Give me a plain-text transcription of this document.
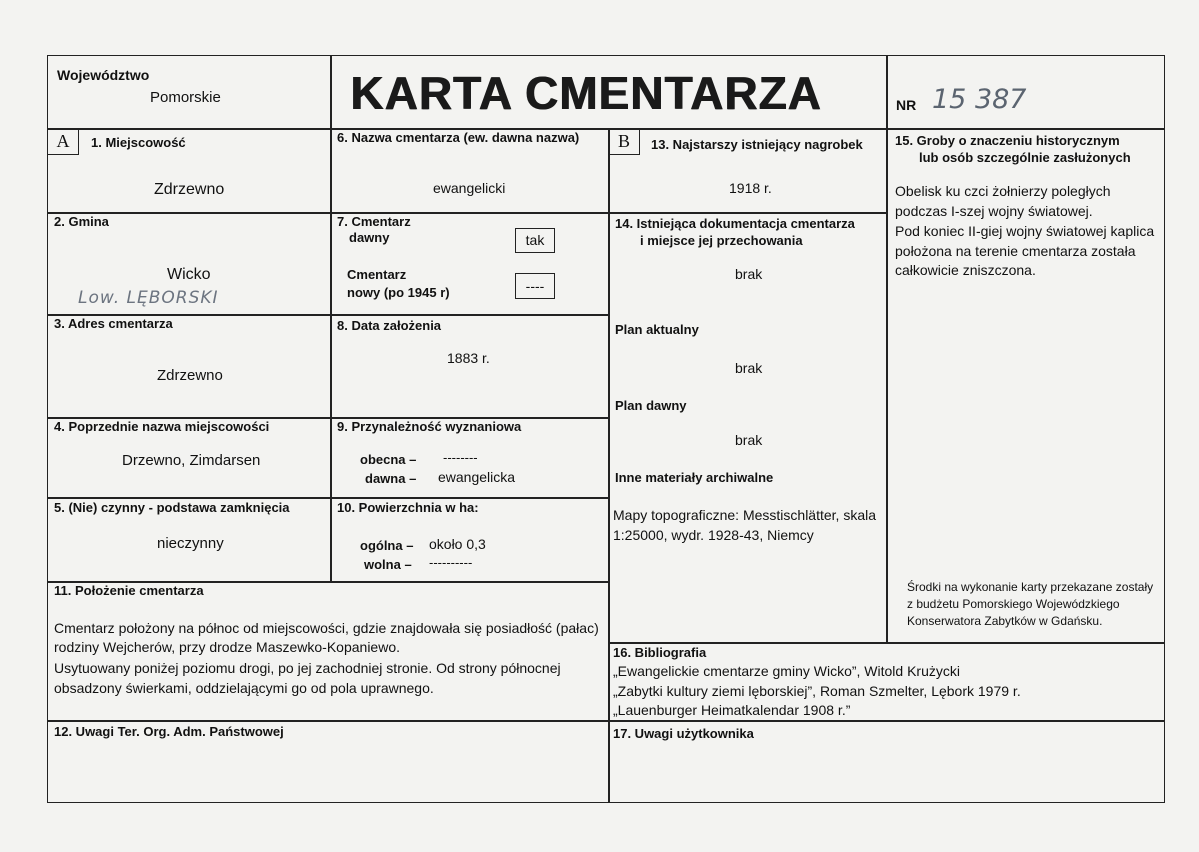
Województwo
Pomorskie	KARTA CMENTARZA	NR 15 387
A	B
1. Miejscowość
Zdrzewno
2. Gmina
Wicko
Low. LĘBORSKI
3. Adres cmentarza
Zdrzewno
4. Poprzednie nazwa miejscowości
Drzewno, Zimdarsen
5. (Nie) czynny - podstawa zamknięcia
nieczynny
6. Nazwa cmentarza (ew. dawna nazwa)
ewangelicki
7. Cmentarz
dawny	tak
Cmentarz
nowy (po 1945 r)	----
8. Data założenia
1883 r.
9. Przynależność wyznaniowa
obecna – --------
dawna – ewangelicka
10. Powierzchnia w ha:
ogólna – około 0,3
wolna – ----------
11. Położenie cmentarza
Cmentarz położony na północ od miejscowości, gdzie znajdowała się posiadłość (pałac)
rodziny Wejcherów, przy drodze Maszewko-Kopaniewo.
Usytuowany poniżej poziomu drogi, po jej zachodniej stronie. Od strony północnej
obsadzony świerkami, oddzielającymi go od pola uprawnego.
12. Uwagi Ter. Org. Adm. Państwowej
13. Najstarszy istniejący nagrobek
1918 r.
14. Istniejąca dokumentacja cmentarza
i miejsce jej przechowania
brak
Plan aktualny
brak
Plan dawny
brak
Inne materiały archiwalne
Mapy topograficzne: Messtischlätter, skala
1:25000, wydr. 1928-43, Niemcy
15. Groby o znaczeniu historycznym
lub osób szczególnie zasłużonych
Obelisk ku czci żołnierzy poległych
podczas I-szej wojny światowej.
Pod koniec II-giej wojny światowej kaplica
położona na terenie cmentarza została
całkowicie zniszczona.
Środki na wykonanie karty przekazane zostały
z budżetu Pomorskiego Wojewódzkiego
Konserwatora Zabytków w Gdańsku.
16. Bibliografia
„Ewangelickie cmentarze gminy Wicko”, Witold Krużycki
„Zabytki kultury ziemi lęborskiej”, Roman Szmelter, Lębork 1979 r.
„Lauenburger Heimatkalendar 1908 r.”
17. Uwagi użytkownika
